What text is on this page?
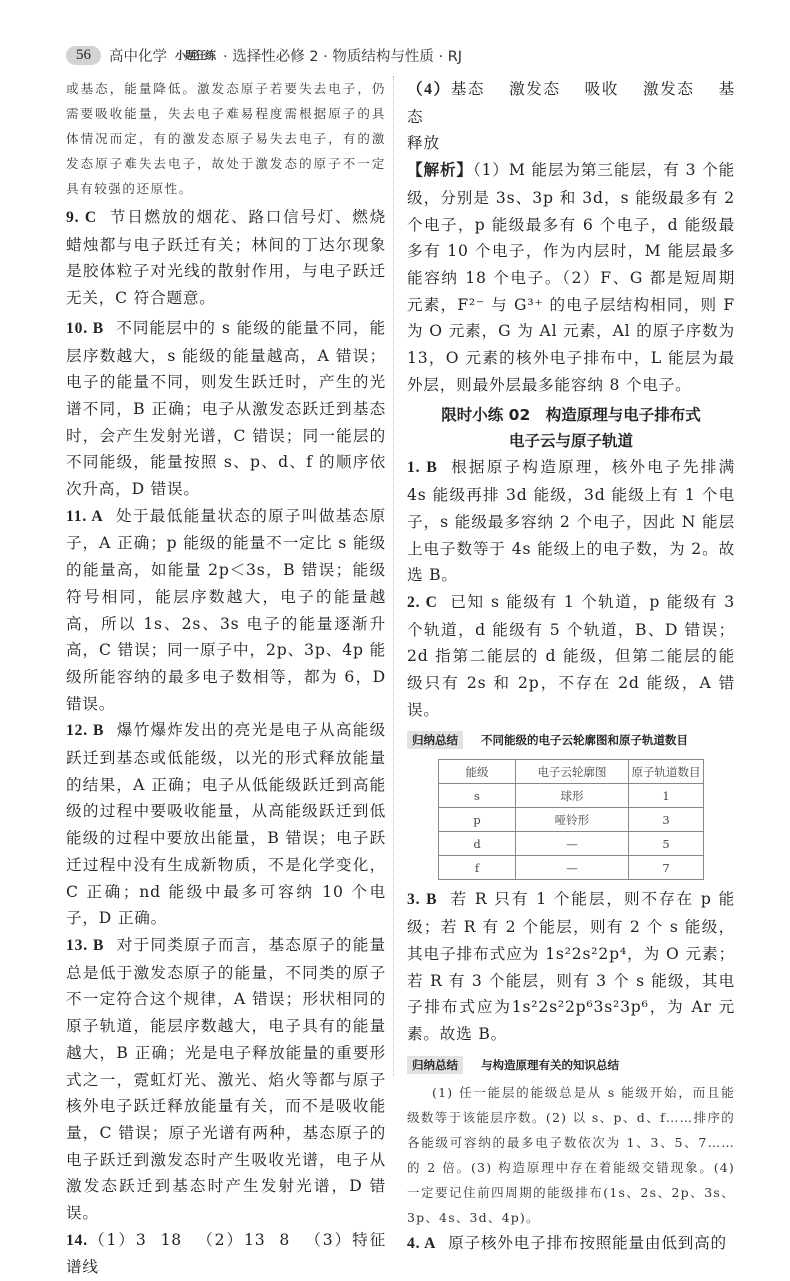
56	高中化学 小题狂练 · 选择性必修 2 · 物质结构与性质 · RJ
或基态，能量降低。激发态原子若要失去电子，仍需要吸收能量，失去电子难易程度需根据原子的具体情况而定，有的激发态原子易失去电子，有的激发态原子难失去电子，故处于激发态的原子不一定具有较强的还原性。

9. C 节日燃放的烟花、路口信号灯、燃烧蜡烛都与电子跃迁有关；林间的丁达尔现象是胶体粒子对光线的散射作用，与电子跃迁无关，C 符合题意。

10. B 不同能层中的 s 能级的能量不同，能层序数越大，s 能级的能量越高，A 错误；电子的能量不同，则发生跃迁时，产生的光谱不同，B 正确；电子从激发态跃迁到基态时，会产生发射光谱，C 错误；同一能层的不同能级，能量按照 s、p、d、f 的顺序依次升高，D 错误。

11. A 处于最低能量状态的原子叫做基态原子，A 正确；p 能级的能量不一定比 s 能级的能量高，如能量 2p＜3s，B 错误；能级符号相同，能层序数越大，电子的能量越高，所以 1s、2s、3s 电子的能量逐渐升高，C 错误；同一原子中，2p、3p、4p 能级所能容纳的最多电子数相等，都为 6，D 错误。

12. B 爆竹爆炸发出的亮光是电子从高能级跃迁到基态或低能级，以光的形式释放能量的结果，A 正确；电子从低能级跃迁到高能级的过程中要吸收能量，从高能级跃迁到低能级的过程中要放出能量，B 错误；电子跃迁过程中没有生成新物质，不是化学变化，C 正确；nd 能级中最多可容纳 10 个电子，D 正确。

13. B 对于同类原子而言，基态原子的能量总是低于激发态原子的能量，不同类的原子不一定符合这个规律，A 错误；形状相同的原子轨道，能层序数越大，电子具有的能量越大，B 正确；光是电子释放能量的重要形式之一，霓虹灯光、激光、焰火等都与原子核外电子跃迁释放能量有关，而不是吸收能量，C 错误；原子光谱有两种，基态原子的电子跃迁到激发态时产生吸收光谱，电子从激发态跃迁到基态时产生发射光谱，D 错误。

14.（1）3 18 （2）13 8 （3）特征谱线

（4）基态 激发态 吸收 激发态 基态
释放

【解析】（1）M 能层为第三能层，有 3 个能级，分别是 3s、3p 和 3d，s 能级最多有 2 个电子，p 能级最多有 6 个电子，d 能级最多有 10 个电子，作为内层时，M 能层最多能容纳 18 个电子。（2）F、G 都是短周期元素，F²⁻ 与 G³⁺ 的电子层结构相同，则 F 为 O 元素，G 为 Al 元素，Al 的原子序数为 13，O 元素的核外电子排布中，L 能层为最外层，则最外层最多能容纳 8 个电子。

限时小练 02　构造原理与电子排布式
电子云与原子轨道

1. B 根据原子构造原理，核外电子先排满 4s 能级再排 3d 能级，3d 能级上有 1 个电子，s 能级最多容纳 2 个电子，因此 N 能层上电子数等于 4s 能级上的电子数，为 2。故选 B。

2. C 已知 s 能级有 1 个轨道，p 能级有 3 个轨道，d 能级有 5 个轨道，B、D 错误；2d 指第二能层的 d 能级，但第二能层的能级只有 2s 和 2p，不存在 2d 能级，A 错误。

归纳总结	不同能级的电子云轮廓图和原子轨道数目
能级	电子云轮廓图	原子轨道数目
s	球形	1
p	哑铃形	3
d	—	5
f	—	7

3. B 若 R 只有 1 个能层，则不存在 p 能级；若 R 有 2 个能层，则有 2 个 s 能级，其电子排布式应为 1s²2s²2p⁴，为 O 元素；若 R 有 3 个能层，则有 3 个 s 能级，其电子排布式应为1s²2s²2p⁶3s²3p⁶，为 Ar 元素。故选 B。

归纳总结	与构造原理有关的知识总结

(1) 任一能层的能级总是从 s 能级开始，而且能级数等于该能层序数。(2) 以 s、p、d、f……排序的各能级可容纳的最多电子数依次为 1、3、5、7……的 2 倍。(3) 构造原理中存在着能级交错现象。(4) 一定要记住前四周期的能级排布(1s、2s、2p、3s、3p、4s、3d、4p)。

4. A 原子核外电子排布按照能量由低到高的
